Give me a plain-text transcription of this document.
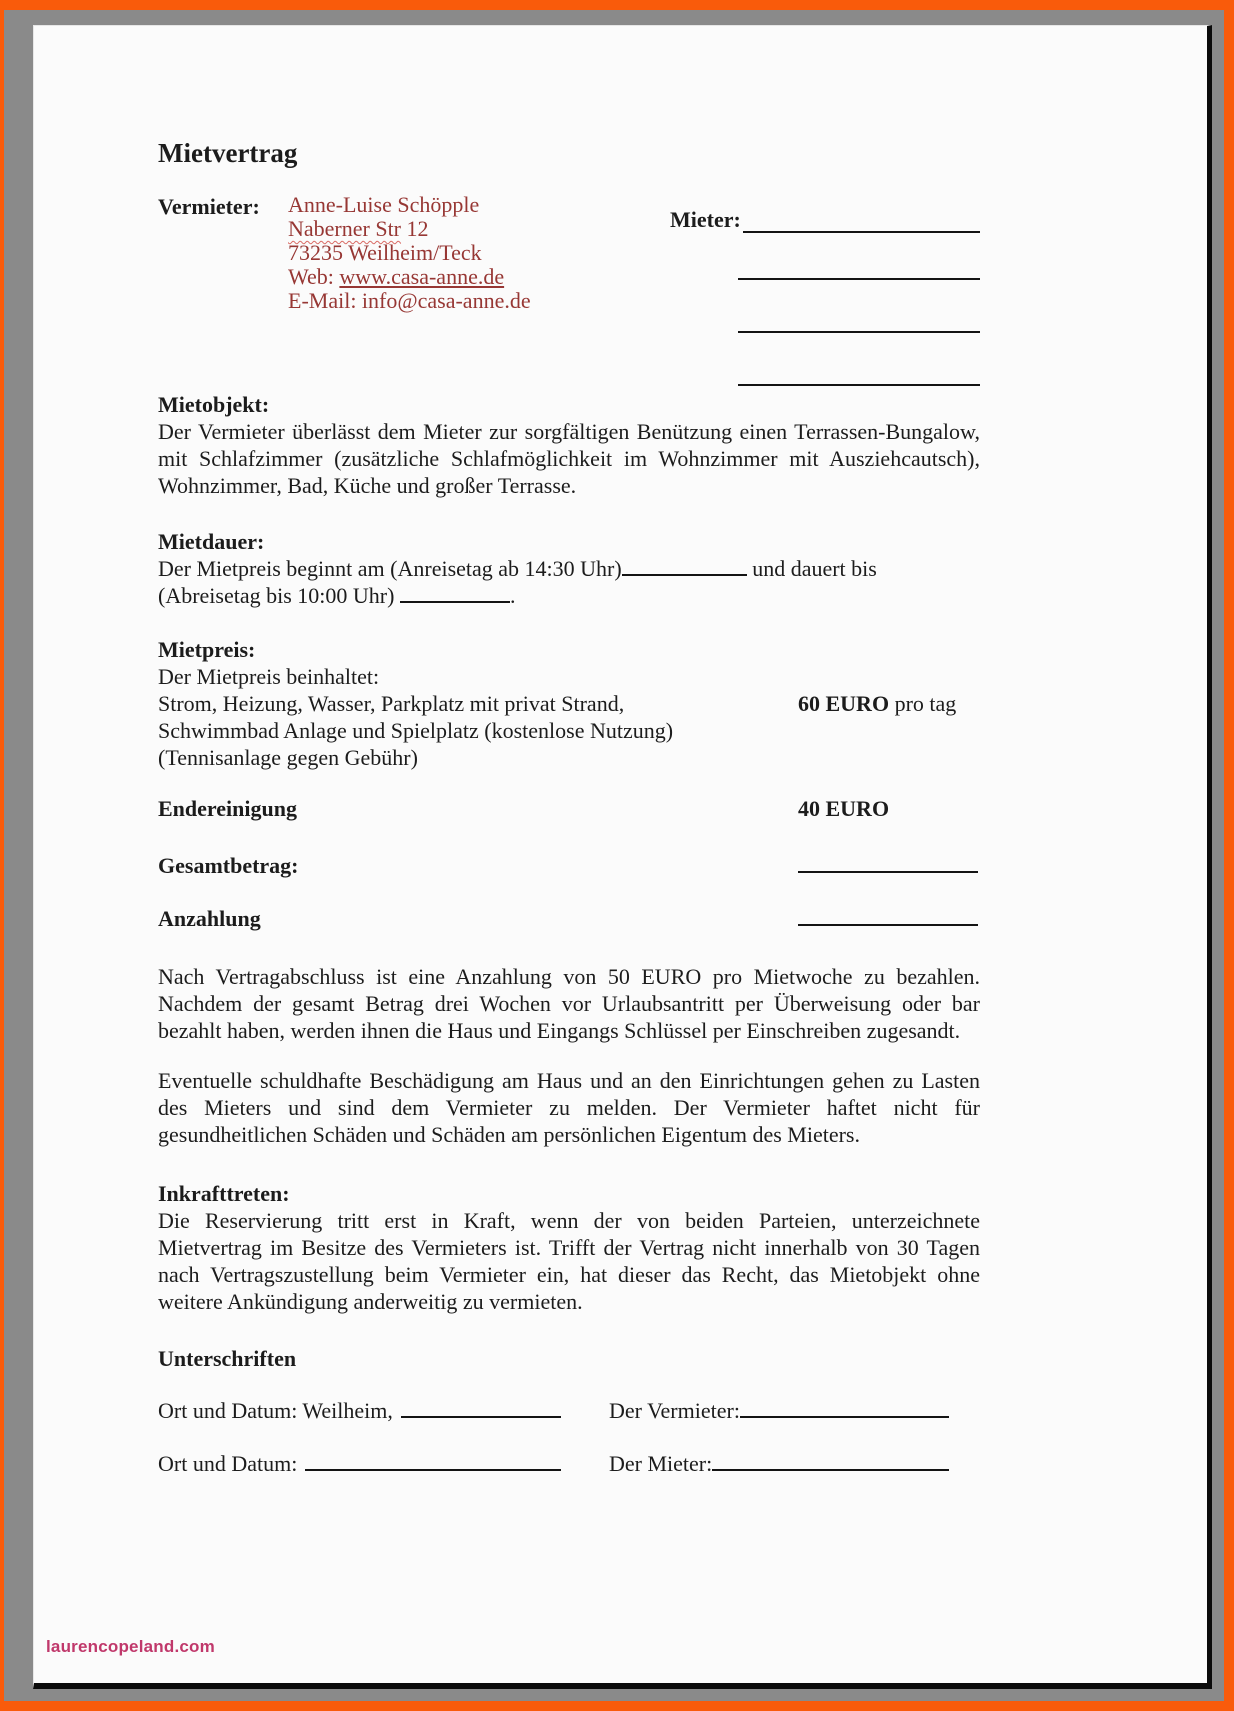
Mietvertrag
Vermieter:	Anne-Luise Schöpple
Naberner Str 12
73235 Weilheim/Teck
Web: www.casa-anne.de
E-Mail: info@casa-anne.de
Mieter:
Mietobjekt:

Der Vermieter überlässt dem Mieter zur sorgfältigen Benützung einen Terrassen-Bungalow, mit Schlafzimmer (zusätzliche Schlafmöglichkeit im Wohnzimmer mit Ausziehcautsch), Wohnzimmer, Bad, Küche und großer Terrasse.

Mietdauer:
Der Mietpreis beginnt am (Anreisetag ab 14:30 Uhr)	und dauert bis
(Abreisetag bis 10:00 Uhr)	.
Mietpreis:
Der Mietpreis beinhaltet:
Strom, Heizung, Wasser, Parkplatz mit privat Strand,	60 EURO pro tag
Schwimmbad Anlage und Spielplatz (kostenlose Nutzung)
(Tennisanlage gegen Gebühr)
Endereinigung	40 EURO
Gesamtbetrag:
Anzahlung

Nach Vertragabschluss ist eine Anzahlung von 50 EURO pro Mietwoche zu bezahlen. Nachdem der gesamt Betrag drei Wochen vor Urlaubsantritt per Überweisung oder bar bezahlt haben, werden ihnen die Haus und Eingangs Schlüssel per Einschreiben zugesandt.

Eventuelle schuldhafte Beschädigung am Haus und an den Einrichtungen gehen zu Lasten des Mieters und sind dem Vermieter zu melden. Der Vermieter haftet nicht für gesundheitlichen Schäden und Schäden am persönlichen Eigentum des Mieters.

Inkrafttreten:

Die Reservierung tritt erst in Kraft, wenn der von beiden Parteien, unterzeichnete Mietvertrag im Besitze des Vermieters ist. Trifft der Vertrag nicht innerhalb von 30 Tagen nach Vertragszustellung beim Vermieter ein, hat dieser das Recht, das Mietobjekt ohne weitere Ankündigung anderweitig zu vermieten.

Unterschriften
Ort und Datum: Weilheim,	Der Vermieter:
Ort und Datum:	Der Mieter:
laurencopeland.com
